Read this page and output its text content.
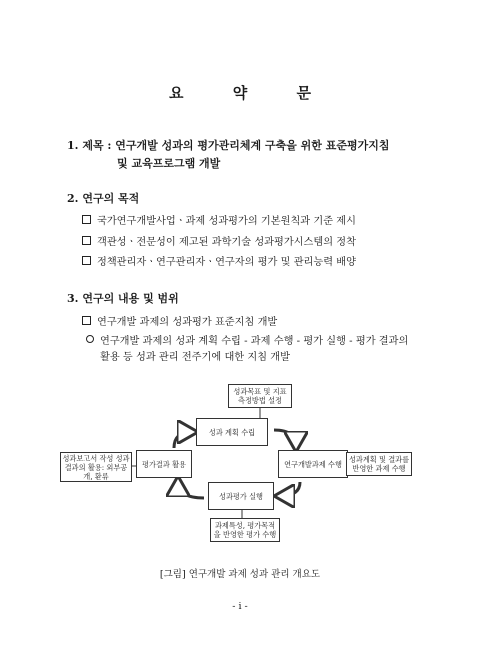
요 약 문
1. 제목 : 연구개발 성과의 평가관리체계 구축을 위한 표준평가지침
및 교육프로그램 개발
2. 연구의 목적
국가연구개발사업ㆍ과제 성과평가의 기본원칙과 기준 제시
객관성ㆍ전문성이 제고된 과학기술 성과평가시스템의 정착
정책관리자ㆍ연구관리자ㆍ연구자의 평가 및 관리능력 배양
3. 연구의 내용 및 범위
연구개발 과제의 성과평가 표준지침 개발
연구개발 과제의 성과 계획 수립 - 과제 수행 - 평가 실행 - 평가 결과의
활용 등 성과 관리 전주기에 대한 지침 개발
성과목표 및 지표 측정방법 설정
성과 계획 수립
연구개발과제 수행
성과평가 실행
평가결과 활용	성과계획 및 결과를 반영한 과제 수행
성과보고서 작성 성과결과의 활용: 외부공개, 환류
과제특성, 평가목적 을 반영한 평가 수행
[그림] 연구개발 과제 성과 관리 개요도
- i -
